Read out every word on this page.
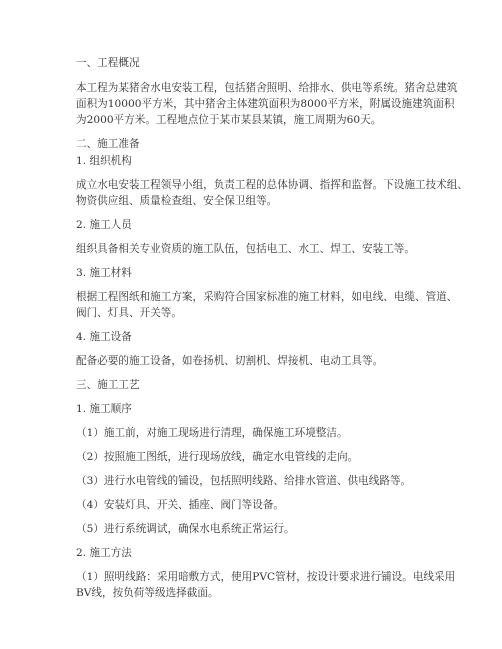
一、工程概况
本工程为某猪舍水电安装工程，包括猪舍照明、给排水、供电等系统。猪舍总建筑
面积为10000平方米，其中猪舍主体建筑面积为8000平方米，附属设施建筑面积
为2000平方米。工程地点位于某市某县某镇，施工周期为60天。
二、施工准备
1. 组织机构
成立水电安装工程领导小组，负责工程的总体协调、指挥和监督。下设施工技术组、
物资供应组、质量检查组、安全保卫组等。
2. 施工人员
组织具备相关专业资质的施工队伍，包括电工、水工、焊工、安装工等。
3. 施工材料
根据工程图纸和施工方案，采购符合国家标准的施工材料，如电线、电缆、管道、
阀门、灯具、开关等。
4. 施工设备
配备必要的施工设备，如卷扬机、切割机、焊接机、电动工具等。
三、施工工艺
1. 施工顺序
（1）施工前，对施工现场进行清理，确保施工环境整洁。
（2）按照施工图纸，进行现场放线，确定水电管线的走向。
（3）进行水电管线的铺设，包括照明线路、给排水管道、供电线路等。
（4）安装灯具、开关、插座、阀门等设备。
（5）进行系统调试，确保水电系统正常运行。
2. 施工方法
（1）照明线路：采用暗敷方式，使用PVC管材，按设计要求进行铺设。电线采用
BV线，按负荷等级选择截面。
